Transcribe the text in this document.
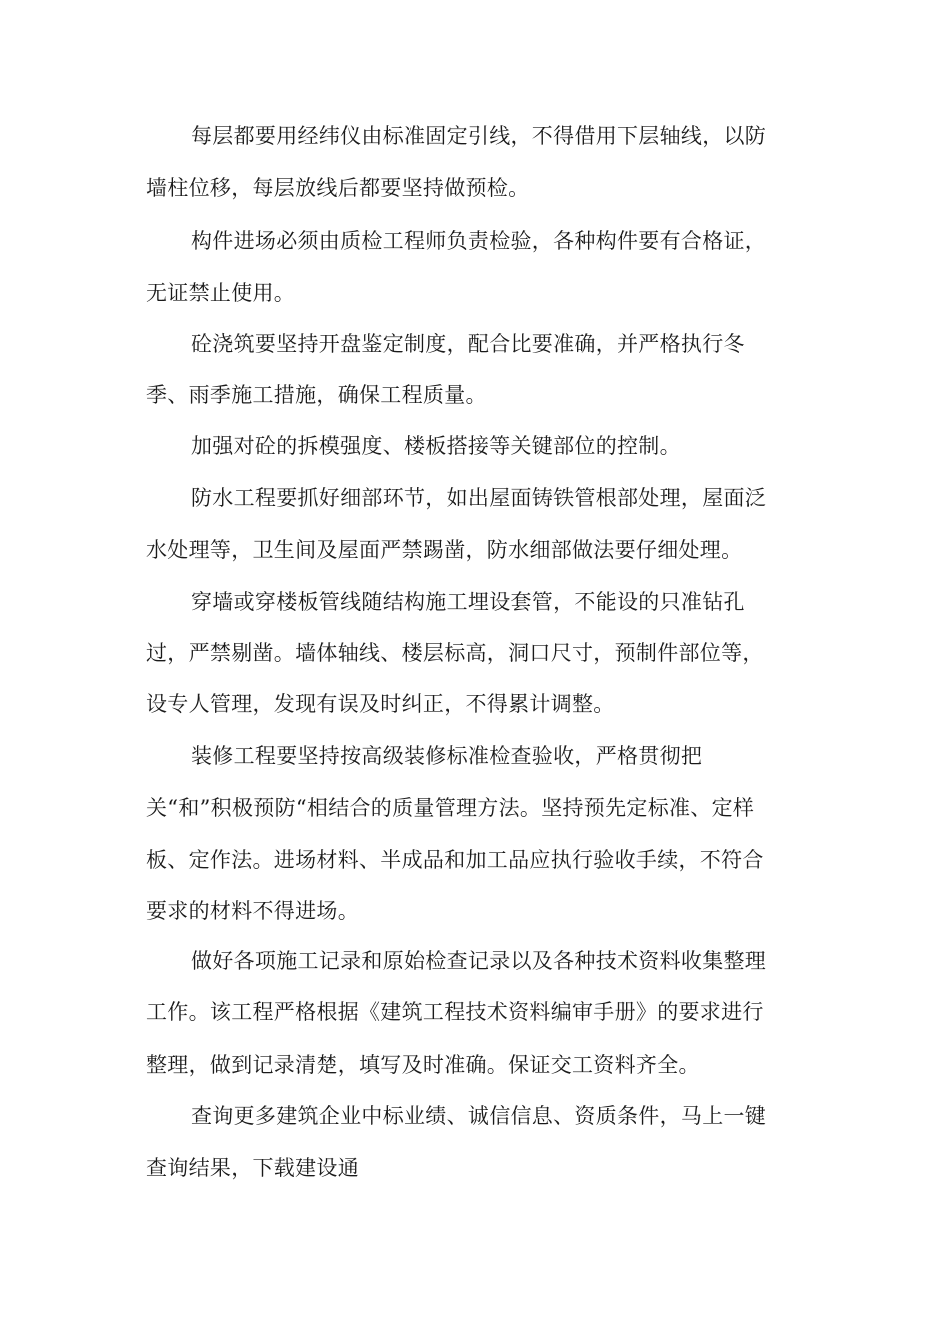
每层都要用经纬仪由标准固定引线，不得借用下层轴线，以防
墙柱位移，每层放线后都要坚持做预检。
构件进场必须由质检工程师负责检验，各种构件要有合格证，
无证禁止使用。
砼浇筑要坚持开盘鉴定制度，配合比要准确，并严格执行冬
季、雨季施工措施，确保工程质量。
加强对砼的拆模强度、楼板搭接等关键部位的控制。
防水工程要抓好细部环节，如出屋面铸铁管根部处理，屋面泛
水处理等，卫生间及屋面严禁踢凿，防水细部做法要仔细处理。
穿墙或穿楼板管线随结构施工埋设套管，不能设的只准钻孔
过，严禁剔凿。墙体轴线、楼层标高，洞口尺寸，预制件部位等，
设专人管理，发现有误及时纠正，不得累计调整。
装修工程要坚持按高级装修标准检查验收，严格贯彻把
关“和”积极预防“相结合的质量管理方法。坚持预先定标准、定样
板、定作法。进场材料、半成品和加工品应执行验收手续，不符合
要求的材料不得进场。
做好各项施工记录和原始检查记录以及各种技术资料收集整理
工作。该工程严格根据《建筑工程技术资料编审手册》的要求进行
整理，做到记录清楚，填写及时准确。保证交工资料齐全。
查询更多建筑企业中标业绩、诚信信息、资质条件，马上一键
查询结果，下载建设通
